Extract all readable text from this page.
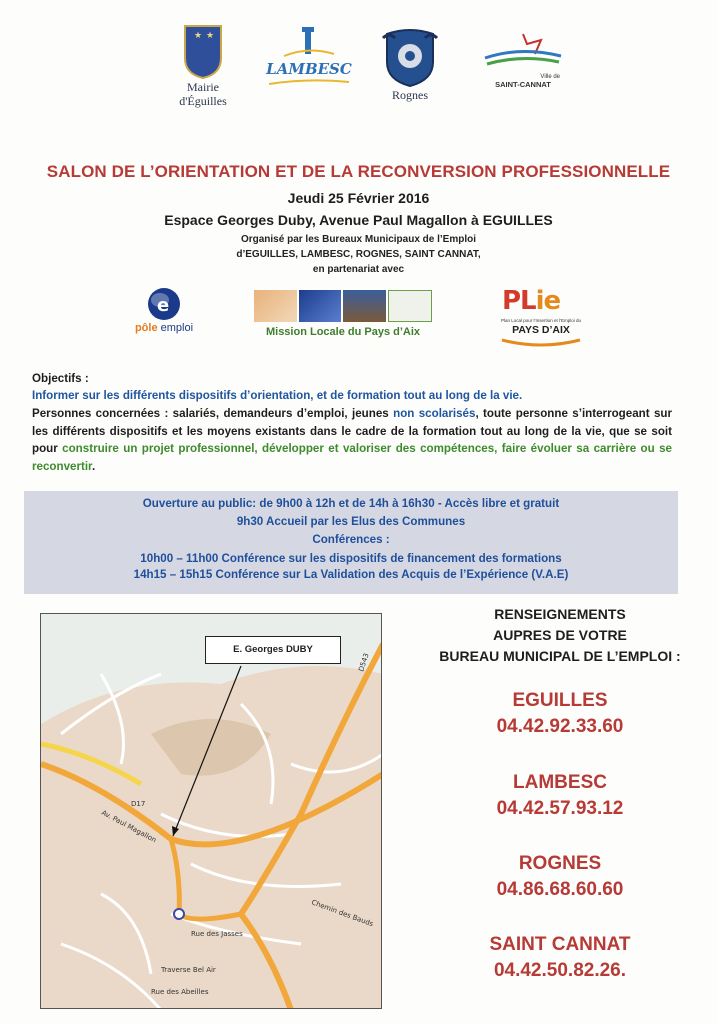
★ ★
Mairie
d'Éguilles
LAMBESC
Rognes
Ville de
SAINT-CANNAT
SALON DE L’ORIENTATION ET DE LA RECONVERSION PROFESSIONNELLE
Jeudi 25 Février 2016
Espace Georges Duby, Avenue Paul Magallon à EGUILLES
Organisé par les Bureaux Municipaux de l’Emploi
d’EGUILLES, LAMBESC, ROGNES, SAINT CANNAT,
en partenariat avec
e
pôle emploi	Mission Locale du Pays d’Aix
PLie
Plan Local pour l’Insertion et l’Emploi du
PAYS D’AIX
Objectifs :
Informer sur les différents dispositifs d’orientation, et de formation tout au long de la vie.
Personnes concernées : salariés, demandeurs d’emploi, jeunes non scolarisés, toute personne s’interrogeant sur les différents dispositifs et les moyens existants dans le cadre de la formation tout au long de la vie, que se soit pour construire un projet professionnel, développer et valoriser des compétences, faire évoluer sa carrière ou se reconvertir.
Ouverture au public: de 9h00 à 12h et de 14h à 16h30 - Accès libre et gratuit
9h30 Accueil par les Elus des Communes
Conférences :
10h00 – 11h00 Conférence sur les dispositifs de financement des formations
14h15 – 15h15 Conférence sur La Validation des Acquis de l’Expérience (V.A.E)
D543
D17
Av. Paul Magallon
Rue des Jasses
Traverse Bel Air
Rue des Abeilles
Chemin des Bauds
E. Georges DUBY
RENSEIGNEMENTS
AUPRES DE VOTRE
BUREAU MUNICIPAL DE L’EMPLOI :
EGUILLES
04.42.92.33.60
LAMBESC
04.42.57.93.12
ROGNES
04.86.68.60.60
SAINT CANNAT
04.42.50.82.26.
